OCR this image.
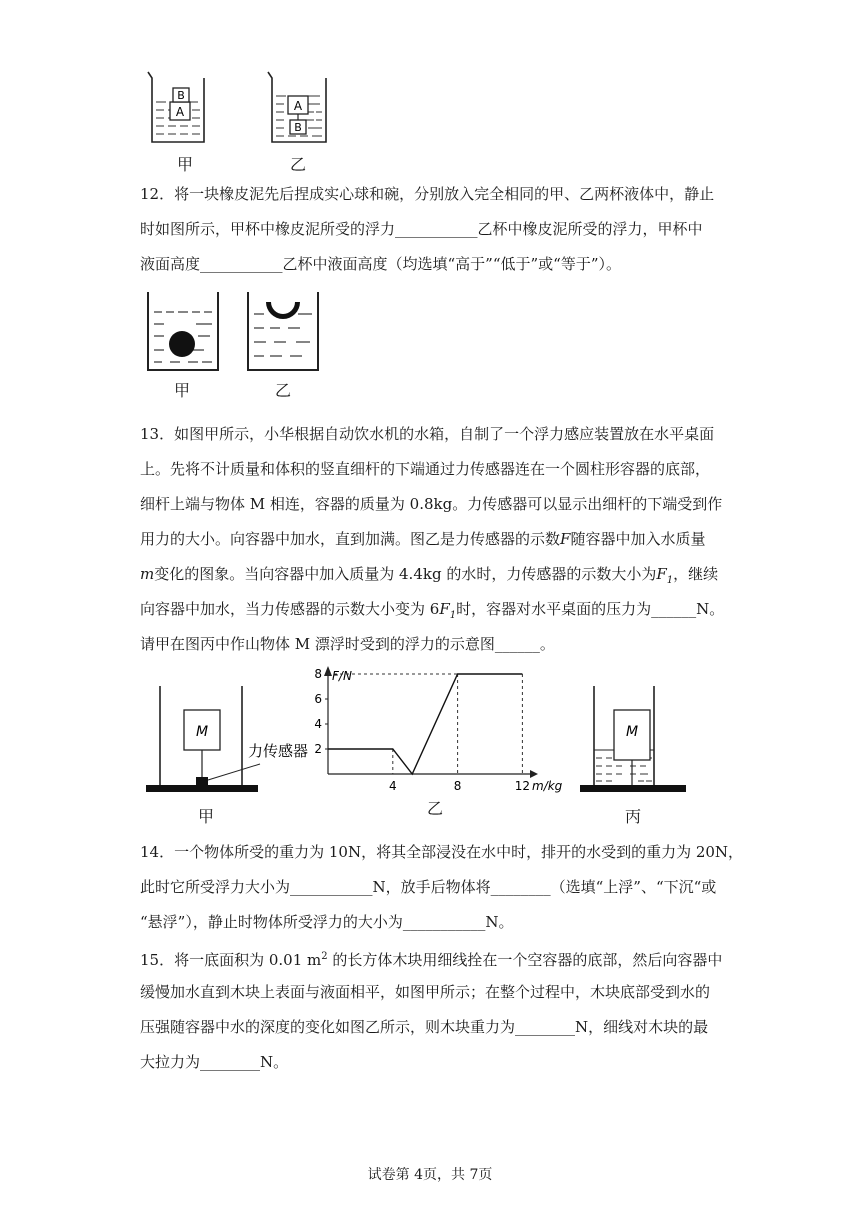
A
B
A
B
甲	乙
12．将一块橡皮泥先后捏成实心球和碗，分别放入完全相同的甲、乙两杯液体中，静止
时如图所示，甲杯中橡皮泥所受的浮力___________乙杯中橡皮泥所受的浮力，甲杯中
液面高度___________乙杯中液面高度（均选填“高于”“低于”或“等于”）。
甲	乙
13．如图甲所示，小华根据自动饮水机的水箱，自制了一个浮力感应装置放在水平桌面
上。先将不计质量和体积的竖直细杆的下端通过力传感器连在一个圆柱形容器的底部，
细杆上端与物体 M 相连，容器的质量为 0.8kg。力传感器可以显示出细杆的下端受到作
用力的大小。向容器中加水，直到加满。图乙是力传感器的示数F随容器中加入水质量
m变化的图象。当向容器中加入质量为 4.4kg 的水时，力传感器的示数大小为$F_1$，继续
向容器中加水，当力传感器的示数大小变为 $6F_1$时，容器对水平桌面的压力为______N。
请甲在图丙中作山物体 M 漂浮时受到的浮力的示意图______。
M
力传感器
甲
F/N
m/kg
2
4
6
8
4	8	12
乙
M
丙
14．一个物体所受的重力为 10N，将其全部浸没在水中时，排开的水受到的重力为 20N，
此时它所受浮力大小为___________N，放手后物体将________（选填“上浮”、“下沉“或
“悬浮”），静止时物体所受浮力的大小为___________N。
15．将一底面积为 0.01 $m^2$ 的长方体木块用细线拴在一个空容器的底部，然后向容器中
缓慢加水直到木块上表面与液面相平，如图甲所示；在整个过程中，木块底部受到水的
压强随容器中水的深度的变化如图乙所示，则木块重力为________N，细线对木块的最
大拉力为________N。
试卷第 4页，共 7页
